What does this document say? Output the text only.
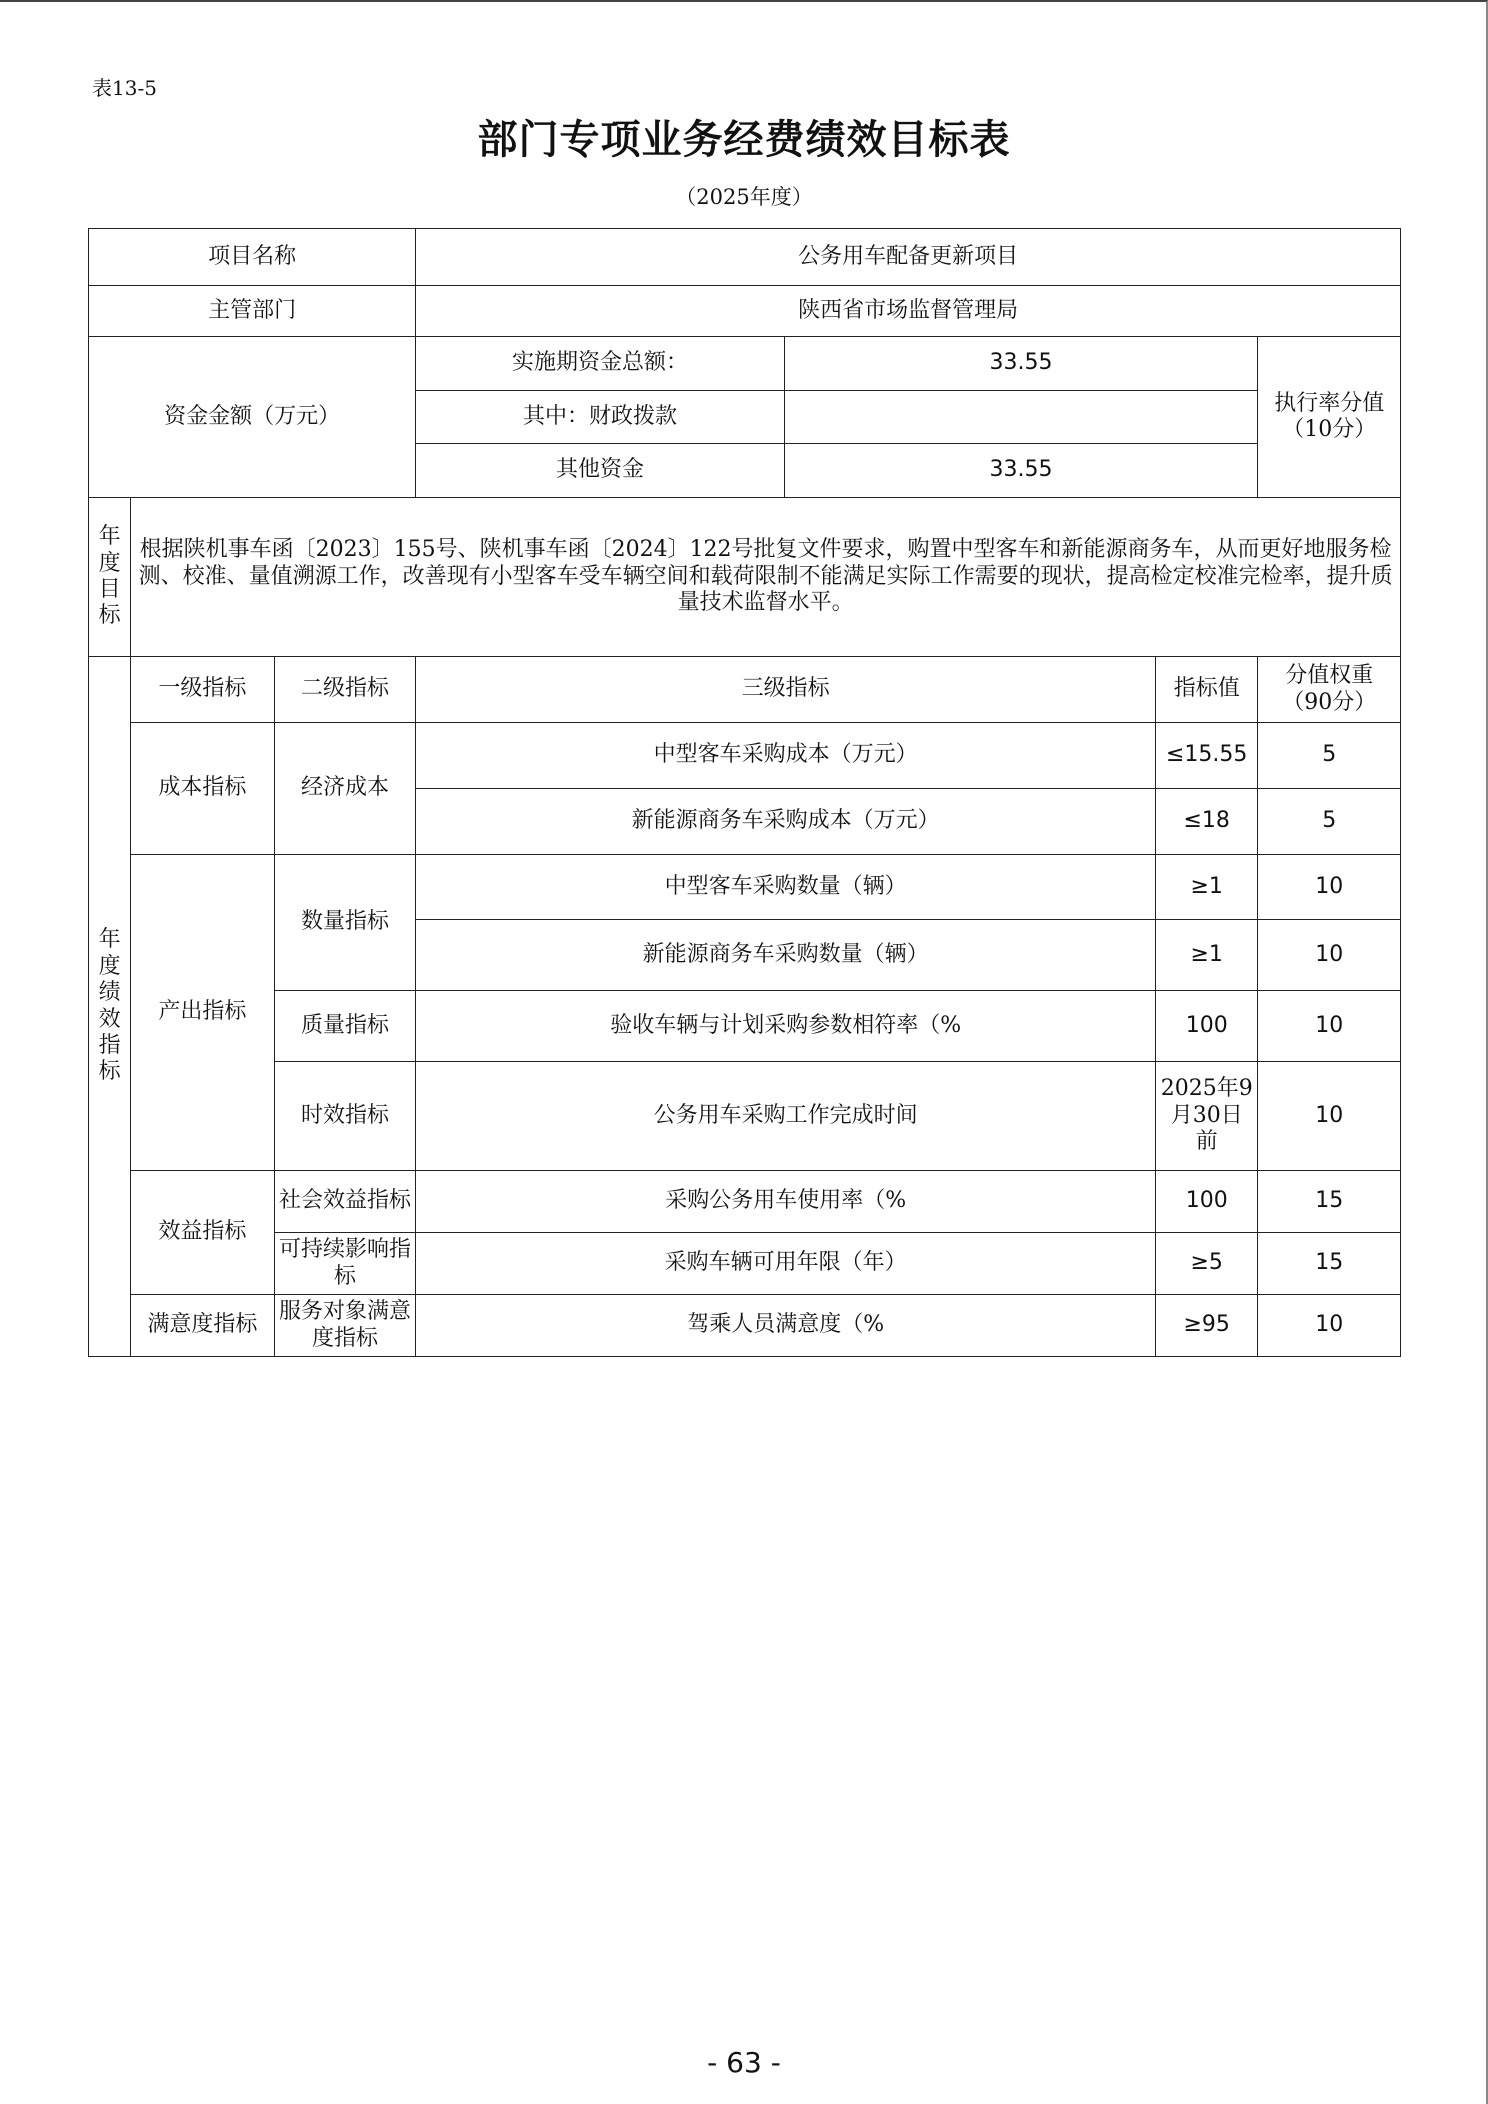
表13-5
部门专项业务经费绩效目标表
（2025年度）
项目名称			公务用车配备更新项目			
主管部门			陕西省市场监督管理局			
资金金额（万元）			实施期资金总额：	33.55		执行率分值（10分）
			其中：财政拨款			
			其他资金	33.55		
年度目标	根据陕机事车函〔2023〕155号、陕机事车函〔2024〕122号批复文件要求，购置中型客车和新能源商务车，从而更好地服务检测、校准、量值溯源工作，改善现有小型客车受车辆空间和载荷限制不能满足实际工作需要的现状，提高检定校准完检率，提升质量技术监督水平。					
年度绩效指标	一级指标	二级指标	三级指标		指标值	分值权重（90分）
	成本指标	经济成本	中型客车采购成本（万元）		≤15.55	5
			新能源商务车采购成本（万元）		≤18	5
	产出指标	数量指标	中型客车采购数量（辆）		≥1	10
			新能源商务车采购数量（辆）		≥1	10
		质量指标	验收车辆与计划采购参数相符率（%		100	10
		时效指标	公务用车采购工作完成时间		2025年9月30日前	10
	效益指标	社会效益指标	采购公务用车使用率（%		100	15
		可持续影响指标	采购车辆可用年限（年）		≥5	15
	满意度指标	服务对象满意度指标	驾乘人员满意度（%		≥95	10
- 63 -
